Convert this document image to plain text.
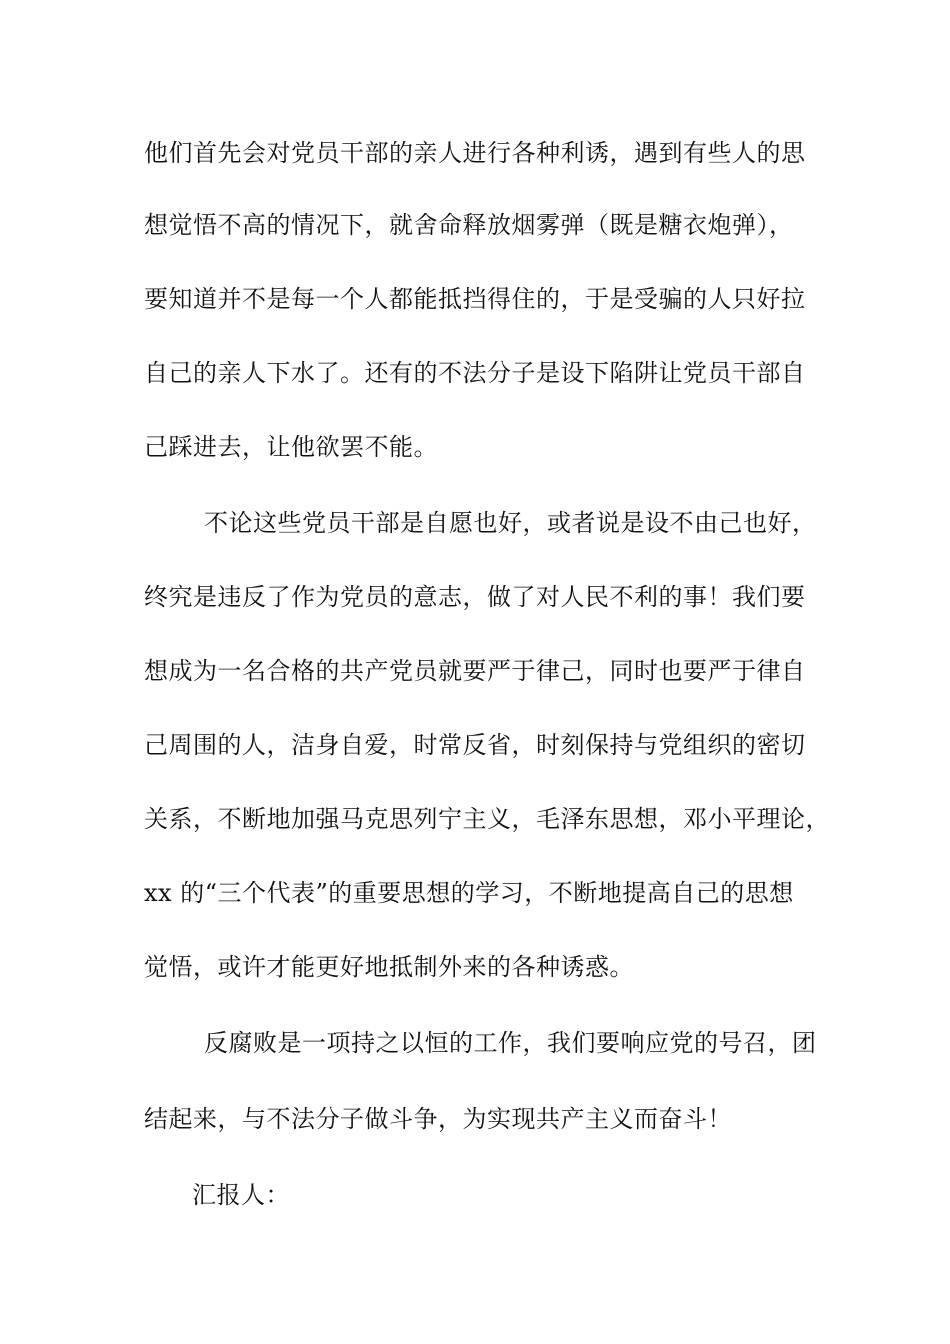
他们首先会对党员干部的亲人进行各种利诱，遇到有些人的思
想觉悟不高的情况下，就舍命释放烟雾弹（既是糖衣炮弹），
要知道并不是每一个人都能抵挡得住的，于是受骗的人只好拉
自己的亲人下水了。还有的不法分子是设下陷阱让党员干部自
己踩进去，让他欲罢不能。
不论这些党员干部是自愿也好，或者说是设不由己也好，
终究是违反了作为党员的意志，做了对人民不利的事！我们要
想成为一名合格的共产党员就要严于律己，同时也要严于律自
己周围的人，洁身自爱，时常反省，时刻保持与党组织的密切
关系，不断地加强马克思列宁主义，毛泽东思想，邓小平理论，
xx 的“三个代表”的重要思想的学习，不断地提高自己的思想
觉悟，或许才能更好地抵制外来的各种诱惑。
反腐败是一项持之以恒的工作，我们要响应党的号召，团
结起来，与不法分子做斗争，为实现共产主义而奋斗！
汇报人：
